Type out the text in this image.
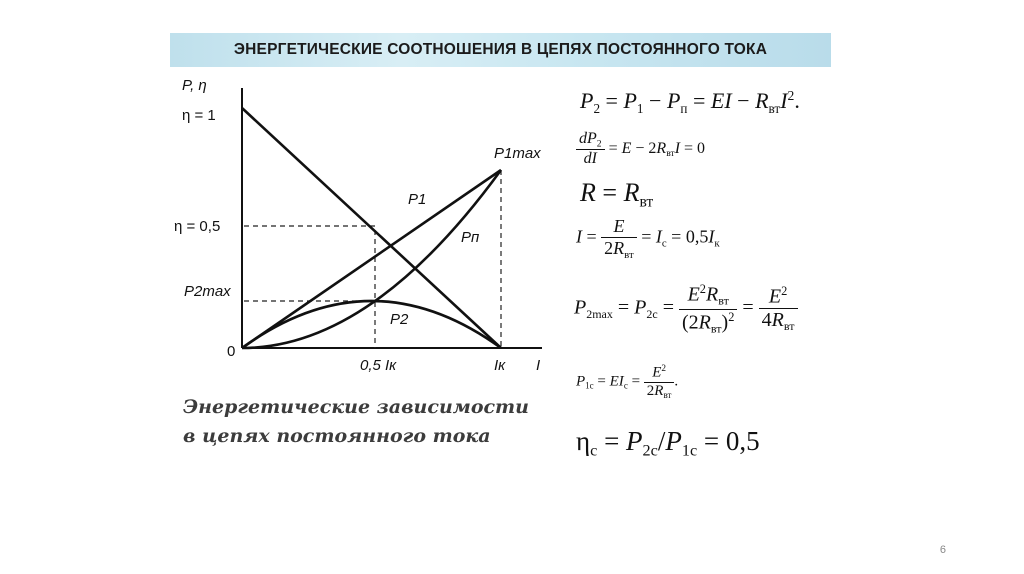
ЭНЕРГЕТИЧЕСКИЕ СООТНОШЕНИЯ В ЦЕПЯХ ПОСТОЯННОГО ТОКА
P, η
η = 1
η = 0,5
P2max
P1max
0
0,5 Iк	Iк I
P1
Pп
P2
Энергетические зависимости
в цепях постоянного тока
$P_2 = P_1 - P_п$ = EI − $R_{вт}I^2$.
$\frac{dP_2}{dI} = E - 2R_{вт}I = 0$
$R = R_{вт}$
$I = \frac{E}{2R_{вт}} = I_с = 0,5I_к$
$P_{2max} = P_{2с} = \frac{E^2R_{вт}}{(2R_{вт})^2} = \frac{E^2}{4R_{вт}}$
$P_{1с} = EI_с = \frac{E^2}{2R_{вт}}$ .
$\eta_с = P_{2с}/P_{1с} = 0,5$
6
